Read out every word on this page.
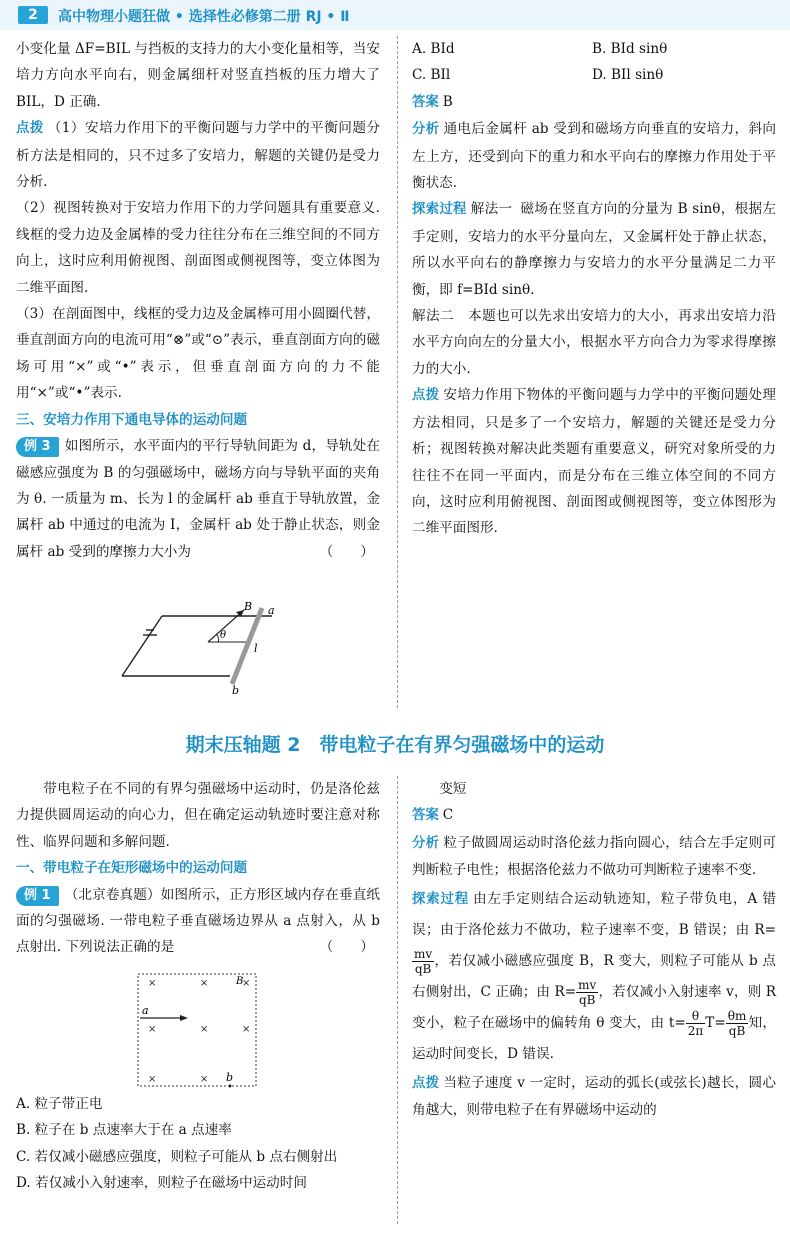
2	高中物理小题狂做 • 选择性必修第二册 RJ • Ⅱ

小变化量 ΔF=BIL 与挡板的支持力的大小变化量相等，当安培力方向水平向右，则金属细杆对竖直挡板的压力增大了 BIL，D 正确.

点拨 （1）安培力作用下的平衡问题与力学中的平衡问题分析方法是相同的，只不过多了安培力，解题的关键仍是受力分析.

（2）视图转换对于安培力作用下的力学问题具有重要意义. 线框的受力边及金属棒的受力往往分布在三维空间的不同方向上，这时应利用俯视图、剖面图或侧视图等，变立体图为二维平面图.

（3）在剖面图中，线框的受力边及金属棒可用小圆圈代替，垂直剖面方向的电流可用“⊗”或“⊙”表示，垂直剖面方向的磁场可用“×”或“•”表示，但垂直剖面方向的力不能用“×”或“•”表示.

三、安培力作用下通电导体的运动问题

例 3 如图所示，水平面内的平行导轨间距为 d，导轨处在磁感应强度为 B 的匀强磁场中，磁场方向与导轨平面的夹角为 θ. 一质量为 m、长为 l 的金属杆 ab 垂直于导轨放置，金属杆 ab 中通过的电流为 I，金属杆 ab 处于静止状态，则金属杆 ab 受到的摩擦力大小为	（　　）

B a
θ
l
b
A. BId	B. BId sinθ
C. BIl	D. BIl sinθ

答案 B

分析 通电后金属杆 ab 受到和磁场方向垂直的安培力，斜向左上方，还受到向下的重力和水平向右的摩擦力作用处于平衡状态.

探索过程 解法一 磁场在竖直方向的分量为 B sinθ，根据左手定则，安培力的水平分量向左，又金属杆处于静止状态，所以水平向右的静摩擦力与安培力的水平分量满足二力平衡，即 f=BId sinθ.

解法二　本题也可以先求出安培力的大小，再求出安培力沿水平方向向左的分量大小，根据水平方向合力为零求得摩擦力的大小.

点拨 安培力作用下物体的平衡问题与力学中的平衡问题处理方法相同，只是多了一个安培力，解题的关键还是受力分析；视图转换对解决此类题有重要意义，研究对象所受的力往往不在同一平面内，而是分布在三维立体空间的不同方向，这时应利用俯视图、剖面图或侧视图等，变立体图形为二维平面图形.

期末压轴题 2　带电粒子在有界匀强磁场中的运动

带电粒子在不同的有界匀强磁场中运动时，仍是洛伦兹力提供圆周运动的向心力，但在确定运动轨迹时要注意对称性、临界问题和多解问题.

一、带电粒子在矩形磁场中的运动问题

例 1 （北京卷真题）如图所示，正方形区域内存在垂直纸面的匀强磁场. 一带电粒子垂直磁场边界从 a 点射入，从 b 点射出. 下列说法正确的是	（　　）

A. 粒子带正电

B. 粒子在 b 点速率大于在 a 点速率

C. 若仅减小磁感应强度，则粒子可能从 b 点右侧射出

D. 若仅减小入射速率，则粒子在磁场中运动时间

×	×	×
×	×	×
×	×
a
b
B

变短

答案 C

分析 粒子做圆周运动时洛伦兹力指向圆心，结合左手定则可判断粒子电性；根据洛伦兹力不做功可判断粒子速率不变.

探索过程 由左手定则结合运动轨迹知，粒子带负电，A 错误；由于洛伦兹力不做功，粒子速率不变，B 错误；由 R=
$\frac{mv}{qB}$ ，若仅减小磁感应强度 B，R 变大，则粒子可能从 b 点右侧射出，C 正确；由 $R= \frac{mv}{qB}$ ，若仅减小入射速率 v，则 R 变小，粒子在磁场中的偏转角 θ 变大，由 $t= \frac{\theta}{2\pi} T= \frac{\theta m}{qB}$ 知，运动时间变长，D 错误.

点拨 当粒子速度 v 一定时，运动的弧长(或弦长)越长，圆心角越大，则带电粒子在有界磁场中运动的
